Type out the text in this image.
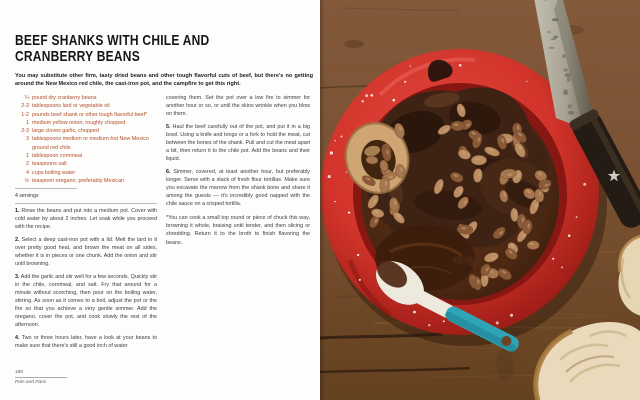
BEEF SHANKS WITH CHILE AND
CRANBERRY BEANS

You may substitute other firm, tasty dried beans and other tough flavorful cuts of beef, but there's no getting around the New Mexico red chile, the cast-iron pot, and the campfire to get this right.

¼ pound dry cranberry beans
2-3 tablespoons lard or vegetable oil
1-2 pounds beef shank or other tough flavorful beef*
1 medium yellow onion, roughly chopped
2-3 large cloves garlic, chopped
3 tablespoons medium or medium-hot New Mexico ground red chile
1 tablespoon cornmeal
2 teaspoons salt
4 cups boiling water
½ teaspoon oregano, preferably Mexican
4 servings

1. Rinse the beans and put into a medium pot. Cover with cold water by about 2 inches. Let soak while you proceed with the recipe.

2. Select a deep cast-iron pot with a lid. Melt the lard in it over pretty good heat, and brown the meat on all sides, whether it is in pieces or one chunk. Add the onion and stir until browning.

3. Add the garlic and stir well for a few seconds. Quickly stir in the chile, cornmeal, and salt. Fry that around for a minute without scorching, then pour on the boiling water, stirring. As soon as it comes to a boil, adjust the pot or the fire so that you achieve a very gentle simmer. Add the oregano, cover the pot, and cook slowly the rest of the afternoon.

4. Two or three hours later, have a look at your beans to make sure that there's still a good inch of water

covering them. Set the pot over a low fire to simmer for another hour or so, or until the skins wrinkle when you blow on them.

5. Haul the beef carefully out of the pot, and put it in a big bowl. Using a knife and tongs or a fork to hold the meat, cut between the bones of the shank. Pull and cut the meat apart a bit, then return it to the chile pot. Add the beans and their liquid.

6. Simmer, covered, at least another hour, but preferably longer. Serve with a stack of fresh flour tortillas. Make sure you excavate the marrow from the shank bone and share it among the guests — it's incredibly good napped with the chile sauce on a crisped tortilla.

*You can cook a small top round or piece of chuck this way, browning it whole, braising until tender, and then slicing or shredding. Return it to the broth to finish flavoring the beans.

180
Pots and Pans
